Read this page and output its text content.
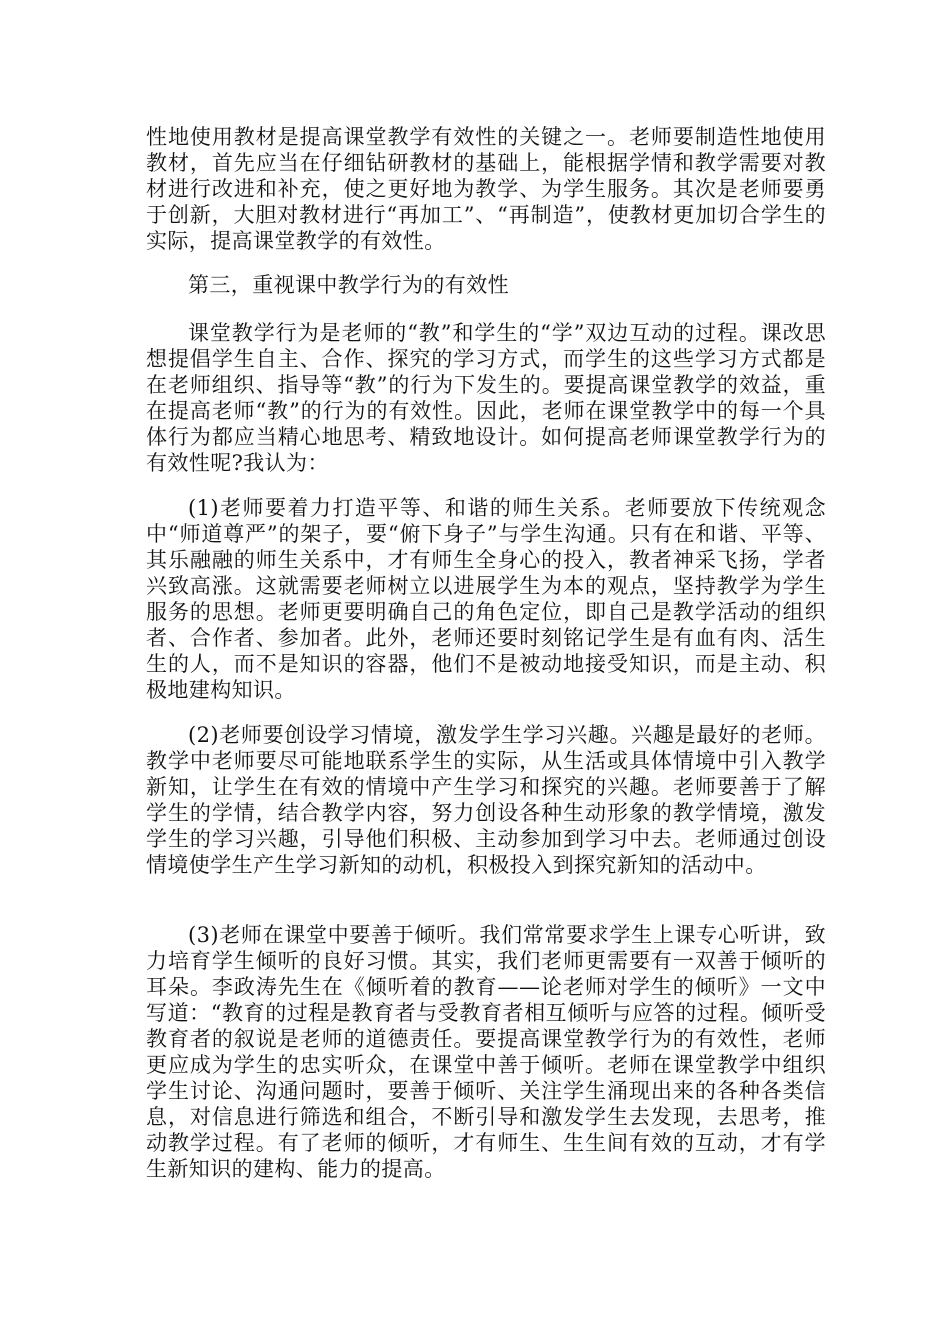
性地使用教材是提高课堂教学有效性的关键之一。老师要制造性地使用教材，首先应当在仔细钻研教材的基础上，能根据学情和教学需要对教材进行改进和补充，使之更好地为教学、为学生服务。其次是老师要勇于创新，大胆对教材进行“再加工”、“再制造”，使教材更加切合学生的实际，提高课堂教学的有效性。

第三，重视课中教学行为的有效性

课堂教学行为是老师的“教”和学生的“学”双边互动的过程。课改思想提倡学生自主、合作、探究的学习方式，而学生的这些学习方式都是在老师组织、指导等“教”的行为下发生的。要提高课堂教学的效益，重在提高老师“教”的行为的有效性。因此，老师在课堂教学中的每一个具体行为都应当精心地思考、精致地设计。如何提高老师课堂教学行为的有效性呢?我认为：

(1)老师要着力打造平等、和谐的师生关系。老师要放下传统观念中“师道尊严”的架子，要“俯下身子”与学生沟通。只有在和谐、平等、其乐融融的师生关系中，才有师生全身心的投入，教者神采飞扬，学者兴致高涨。这就需要老师树立以进展学生为本的观点，坚持教学为学生服务的思想。老师更要明确自己的角色定位，即自己是教学活动的组织者、合作者、参加者。此外，老师还要时刻铭记学生是有血有肉、活生生的人，而不是知识的容器，他们不是被动地接受知识，而是主动、积极地建构知识。

(2)老师要创设学习情境，激发学生学习兴趣。兴趣是最好的老师。教学中老师要尽可能地联系学生的实际，从生活或具体情境中引入教学新知，让学生在有效的情境中产生学习和探究的兴趣。老师要善于了解学生的学情，结合教学内容，努力创设各种生动形象的教学情境，激发学生的学习兴趣，引导他们积极、主动参加到学习中去。老师通过创设情境使学生产生学习新知的动机，积极投入到探究新知的活动中。

(3)老师在课堂中要善于倾听。我们常常要求学生上课专心听讲，致力培育学生倾听的良好习惯。其实，我们老师更需要有一双善于倾听的耳朵。李政涛先生在《倾听着的教育——论老师对学生的倾听》一文中写道：“教育的过程是教育者与受教育者相互倾听与应答的过程。倾听受教育者的叙说是老师的道德责任。要提高课堂教学行为的有效性，老师更应成为学生的忠实听众，在课堂中善于倾听。老师在课堂教学中组织学生讨论、沟通问题时，要善于倾听、关注学生涌现出来的各种各类信息，对信息进行筛选和组合，不断引导和激发学生去发现，去思考，推动教学过程。有了老师的倾听，才有师生、生生间有效的互动，才有学生新知识的建构、能力的提高。
